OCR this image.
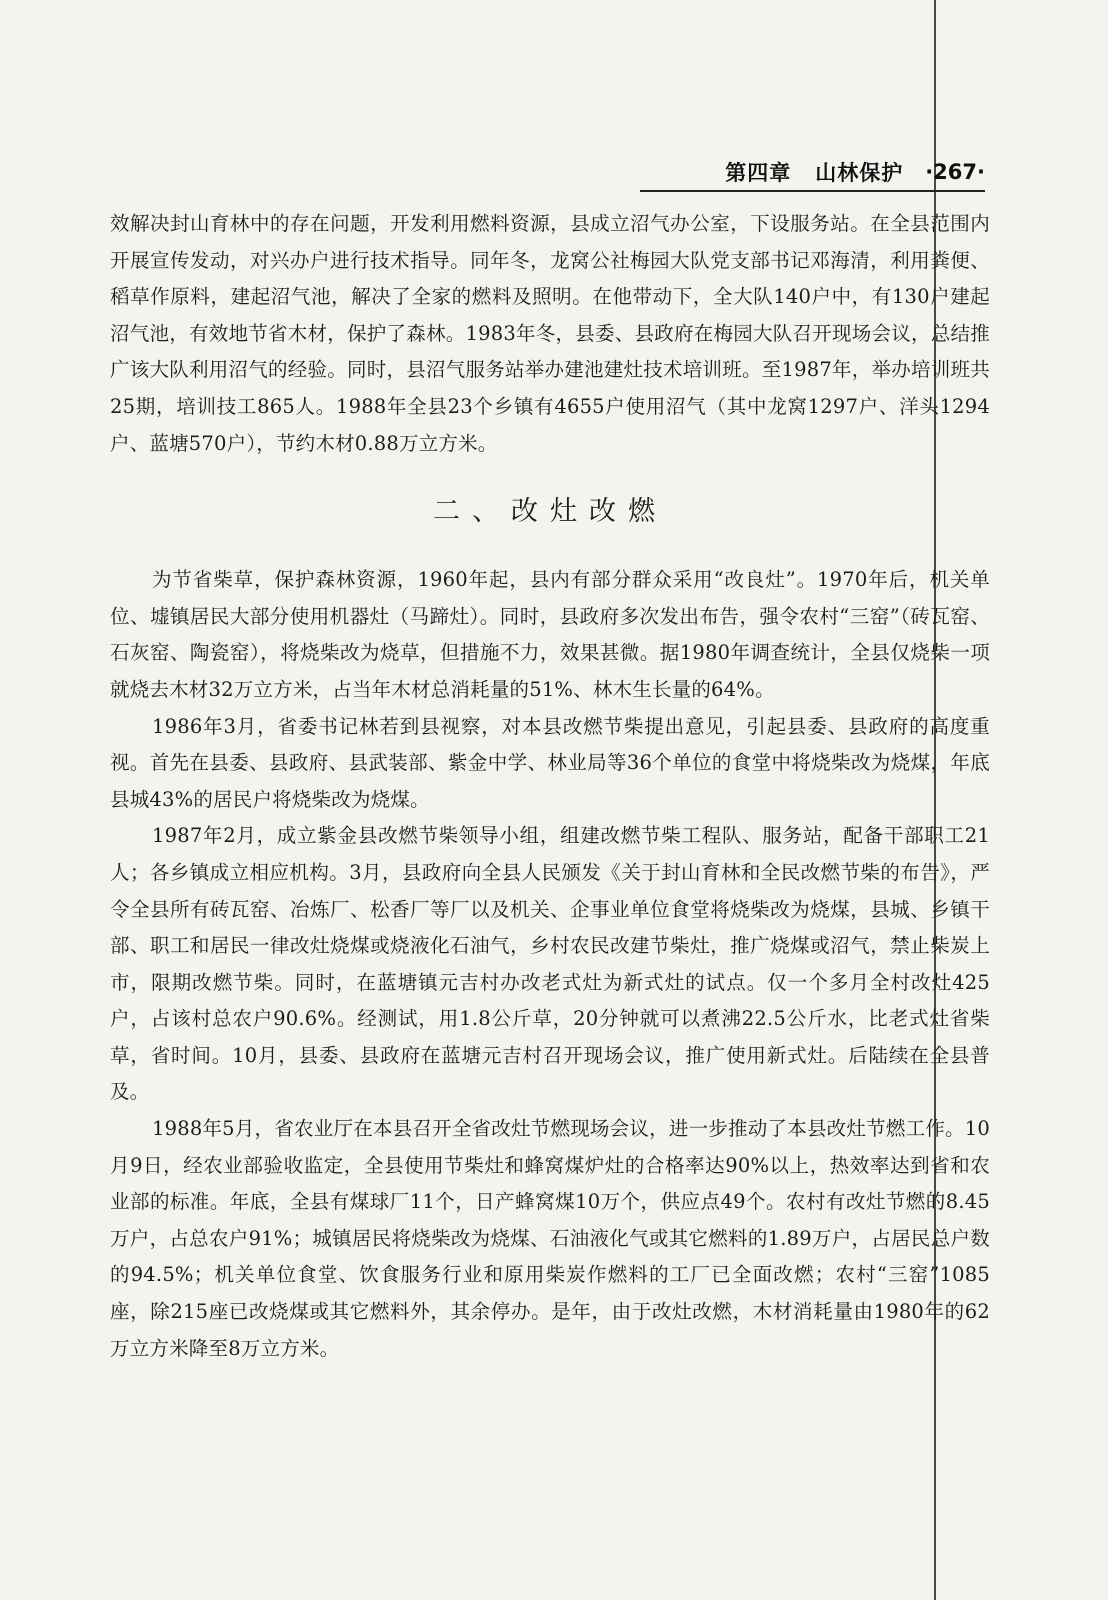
第四章 山林保护 ·267·

效解决封山育林中的存在问题，开发利用燃料资源，县成立沼气办公室，下设服务站。在全县范围内开展宣传发动，对兴办户进行技术指导。同年冬，龙窝公社梅园大队党支部书记邓海清，利用粪便、稻草作原料，建起沼气池，解决了全家的燃料及照明。在他带动下，全大队140户中，有130户建起沼气池，有效地节省木材，保护了森林。1983年冬，县委、县政府在梅园大队召开现场会议，总结推广该大队利用沼气的经验。同时，县沼气服务站举办建池建灶技术培训班。至1987年，举办培训班共25期，培训技工865人。1988年全县23个乡镇有4655户使用沼气（其中龙窝1297户、洋头1294户、蓝塘570户），节约木材0.88万立方米。

二、改灶改燃

为节省柴草，保护森林资源，1960年起，县内有部分群众采用“改良灶”。1970年后，机关单位、墟镇居民大部分使用机器灶（马蹄灶）。同时，县政府多次发出布告，强令农村“三窑”（砖瓦窑、石灰窑、陶瓷窑），将烧柴改为烧草，但措施不力，效果甚微。据1980年调查统计，全县仅烧柴一项就烧去木材32万立方米，占当年木材总消耗量的51%、林木生长量的64%。

1986年3月，省委书记林若到县视察，对本县改燃节柴提出意见，引起县委、县政府的高度重视。首先在县委、县政府、县武装部、紫金中学、林业局等36个单位的食堂中将烧柴改为烧煤，年底县城43%的居民户将烧柴改为烧煤。

1987年2月，成立紫金县改燃节柴领导小组，组建改燃节柴工程队、服务站，配备干部职工21人；各乡镇成立相应机构。3月，县政府向全县人民颁发《关于封山育林和全民改燃节柴的布告》，严令全县所有砖瓦窑、冶炼厂、松香厂等厂以及机关、企事业单位食堂将烧柴改为烧煤，县城、乡镇干部、职工和居民一律改灶烧煤或烧液化石油气，乡村农民改建节柴灶，推广烧煤或沼气，禁止柴炭上市，限期改燃节柴。同时，在蓝塘镇元吉村办改老式灶为新式灶的试点。仅一个多月全村改灶425户，占该村总农户90.6%。经测试，用1.8公斤草，20分钟就可以煮沸22.5公斤水，比老式灶省柴草，省时间。10月，县委、县政府在蓝塘元吉村召开现场会议，推广使用新式灶。后陆续在全县普及。

1988年5月，省农业厅在本县召开全省改灶节燃现场会议，进一步推动了本县改灶节燃工作。10月9日，经农业部验收监定，全县使用节柴灶和蜂窝煤炉灶的合格率达90%以上，热效率达到省和农业部的标准。年底，全县有煤球厂11个，日产蜂窝煤10万个，供应点49个。农村有改灶节燃的8.45万户，占总农户91%；城镇居民将烧柴改为烧煤、石油液化气或其它燃料的1.89万户，占居民总户数的94.5%；机关单位食堂、饮食服务行业和原用柴炭作燃料的工厂已全面改燃；农村“三窑”1085座，除215座已改烧煤或其它燃料外，其余停办。是年，由于改灶改燃，木材消耗量由1980年的62万立方米降至8万立方米。
